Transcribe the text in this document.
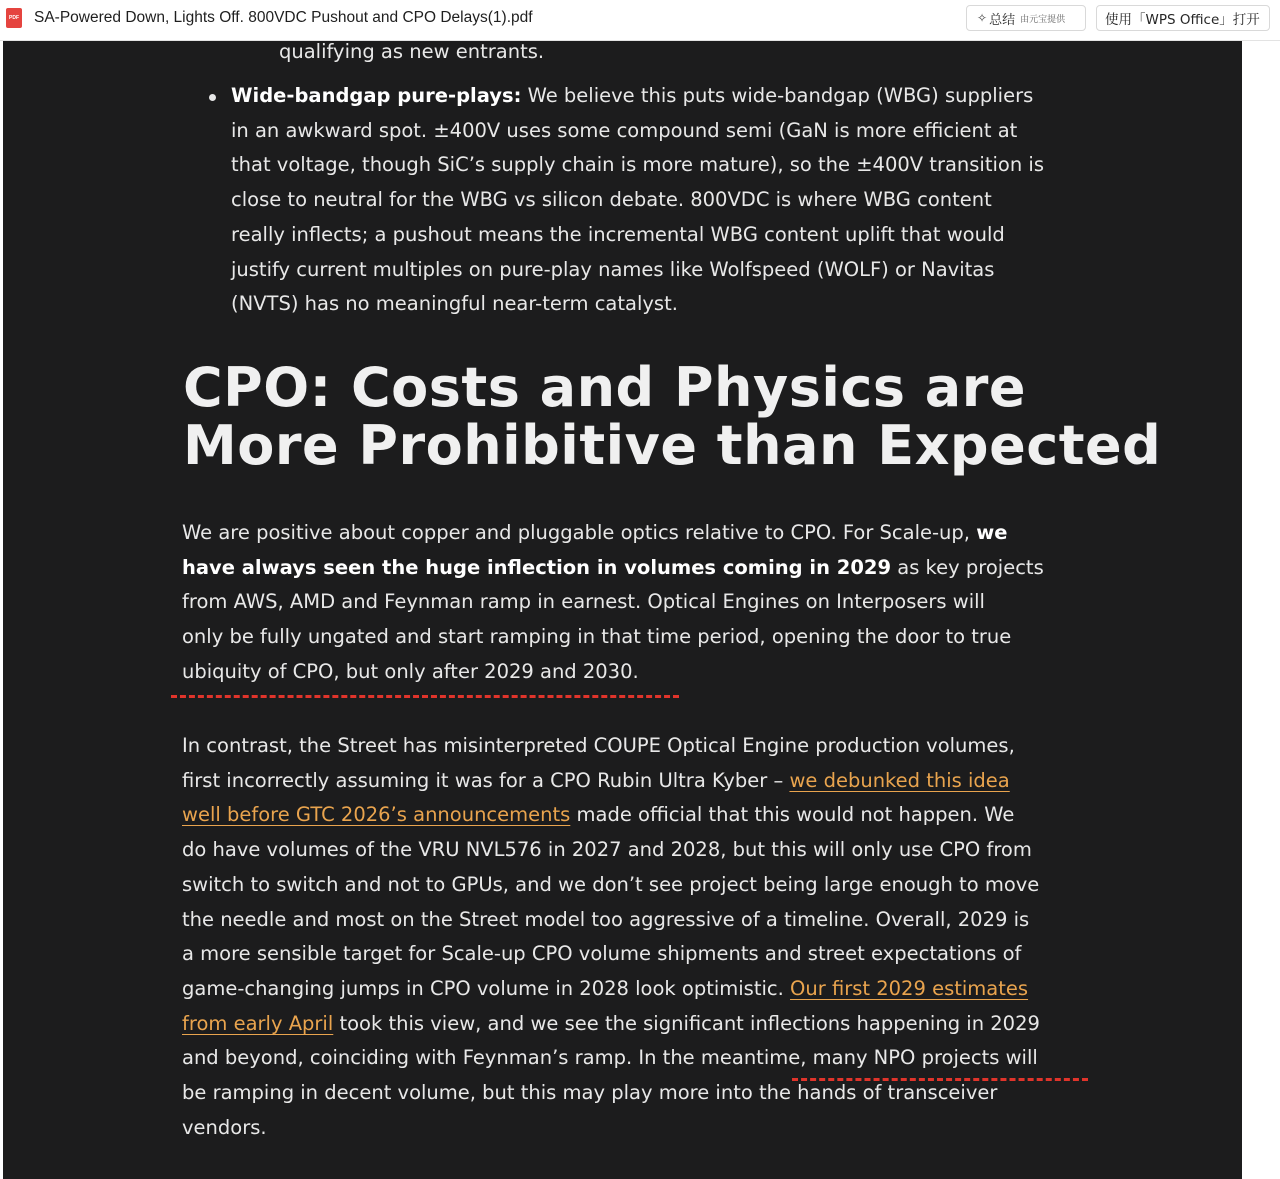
PDF SA-Powered Down, Lights Off. 800VDC Pushout and CPO Delays(1).pdf	✧ 总结 由元宝提供	使用「WPS Office」打开

qualifying as new entrants.

Wide-bandgap pure-plays: We believe this puts wide-bandgap (WBG) suppliers
in an awkward spot. ±400V uses some compound semi (GaN is more efficient at
that voltage, though SiC’s supply chain is more mature), so the ±400V transition is
close to neutral for the WBG vs silicon debate. 800VDC is where WBG content
really inflects; a pushout means the incremental WBG content uplift that would
justify current multiples on pure-play names like Wolfspeed (WOLF) or Navitas
(NVTS) has no meaningful near-term catalyst.

CPO: Costs and Physics are
More Prohibitive than Expected

We are positive about copper and pluggable optics relative to CPO. For Scale-up, we
have always seen the huge inflection in volumes coming in 2029 as key projects
from AWS, AMD and Feynman ramp in earnest. Optical Engines on Interposers will
only be fully ungated and start ramping in that time period, opening the door to true
ubiquity of CPO, but only after 2029 and 2030.

In contrast, the Street has misinterpreted COUPE Optical Engine production volumes,
first incorrectly assuming it was for a CPO Rubin Ultra Kyber – we debunked this idea
well before GTC 2026’s announcements made official that this would not happen. We
do have volumes of the VRU NVL576 in 2027 and 2028, but this will only use CPO from
switch to switch and not to GPUs, and we don’t see project being large enough to move
the needle and most on the Street model too aggressive of a timeline. Overall, 2029 is
a more sensible target for Scale-up CPO volume shipments and street expectations of
game-changing jumps in CPO volume in 2028 look optimistic. Our first 2029 estimates
from early April took this view, and we see the significant inflections happening in 2029
and beyond, coinciding with Feynman’s ramp. In the meantime, many NPO projects will
be ramping in decent volume, but this may play more into the hands of transceiver
vendors.
